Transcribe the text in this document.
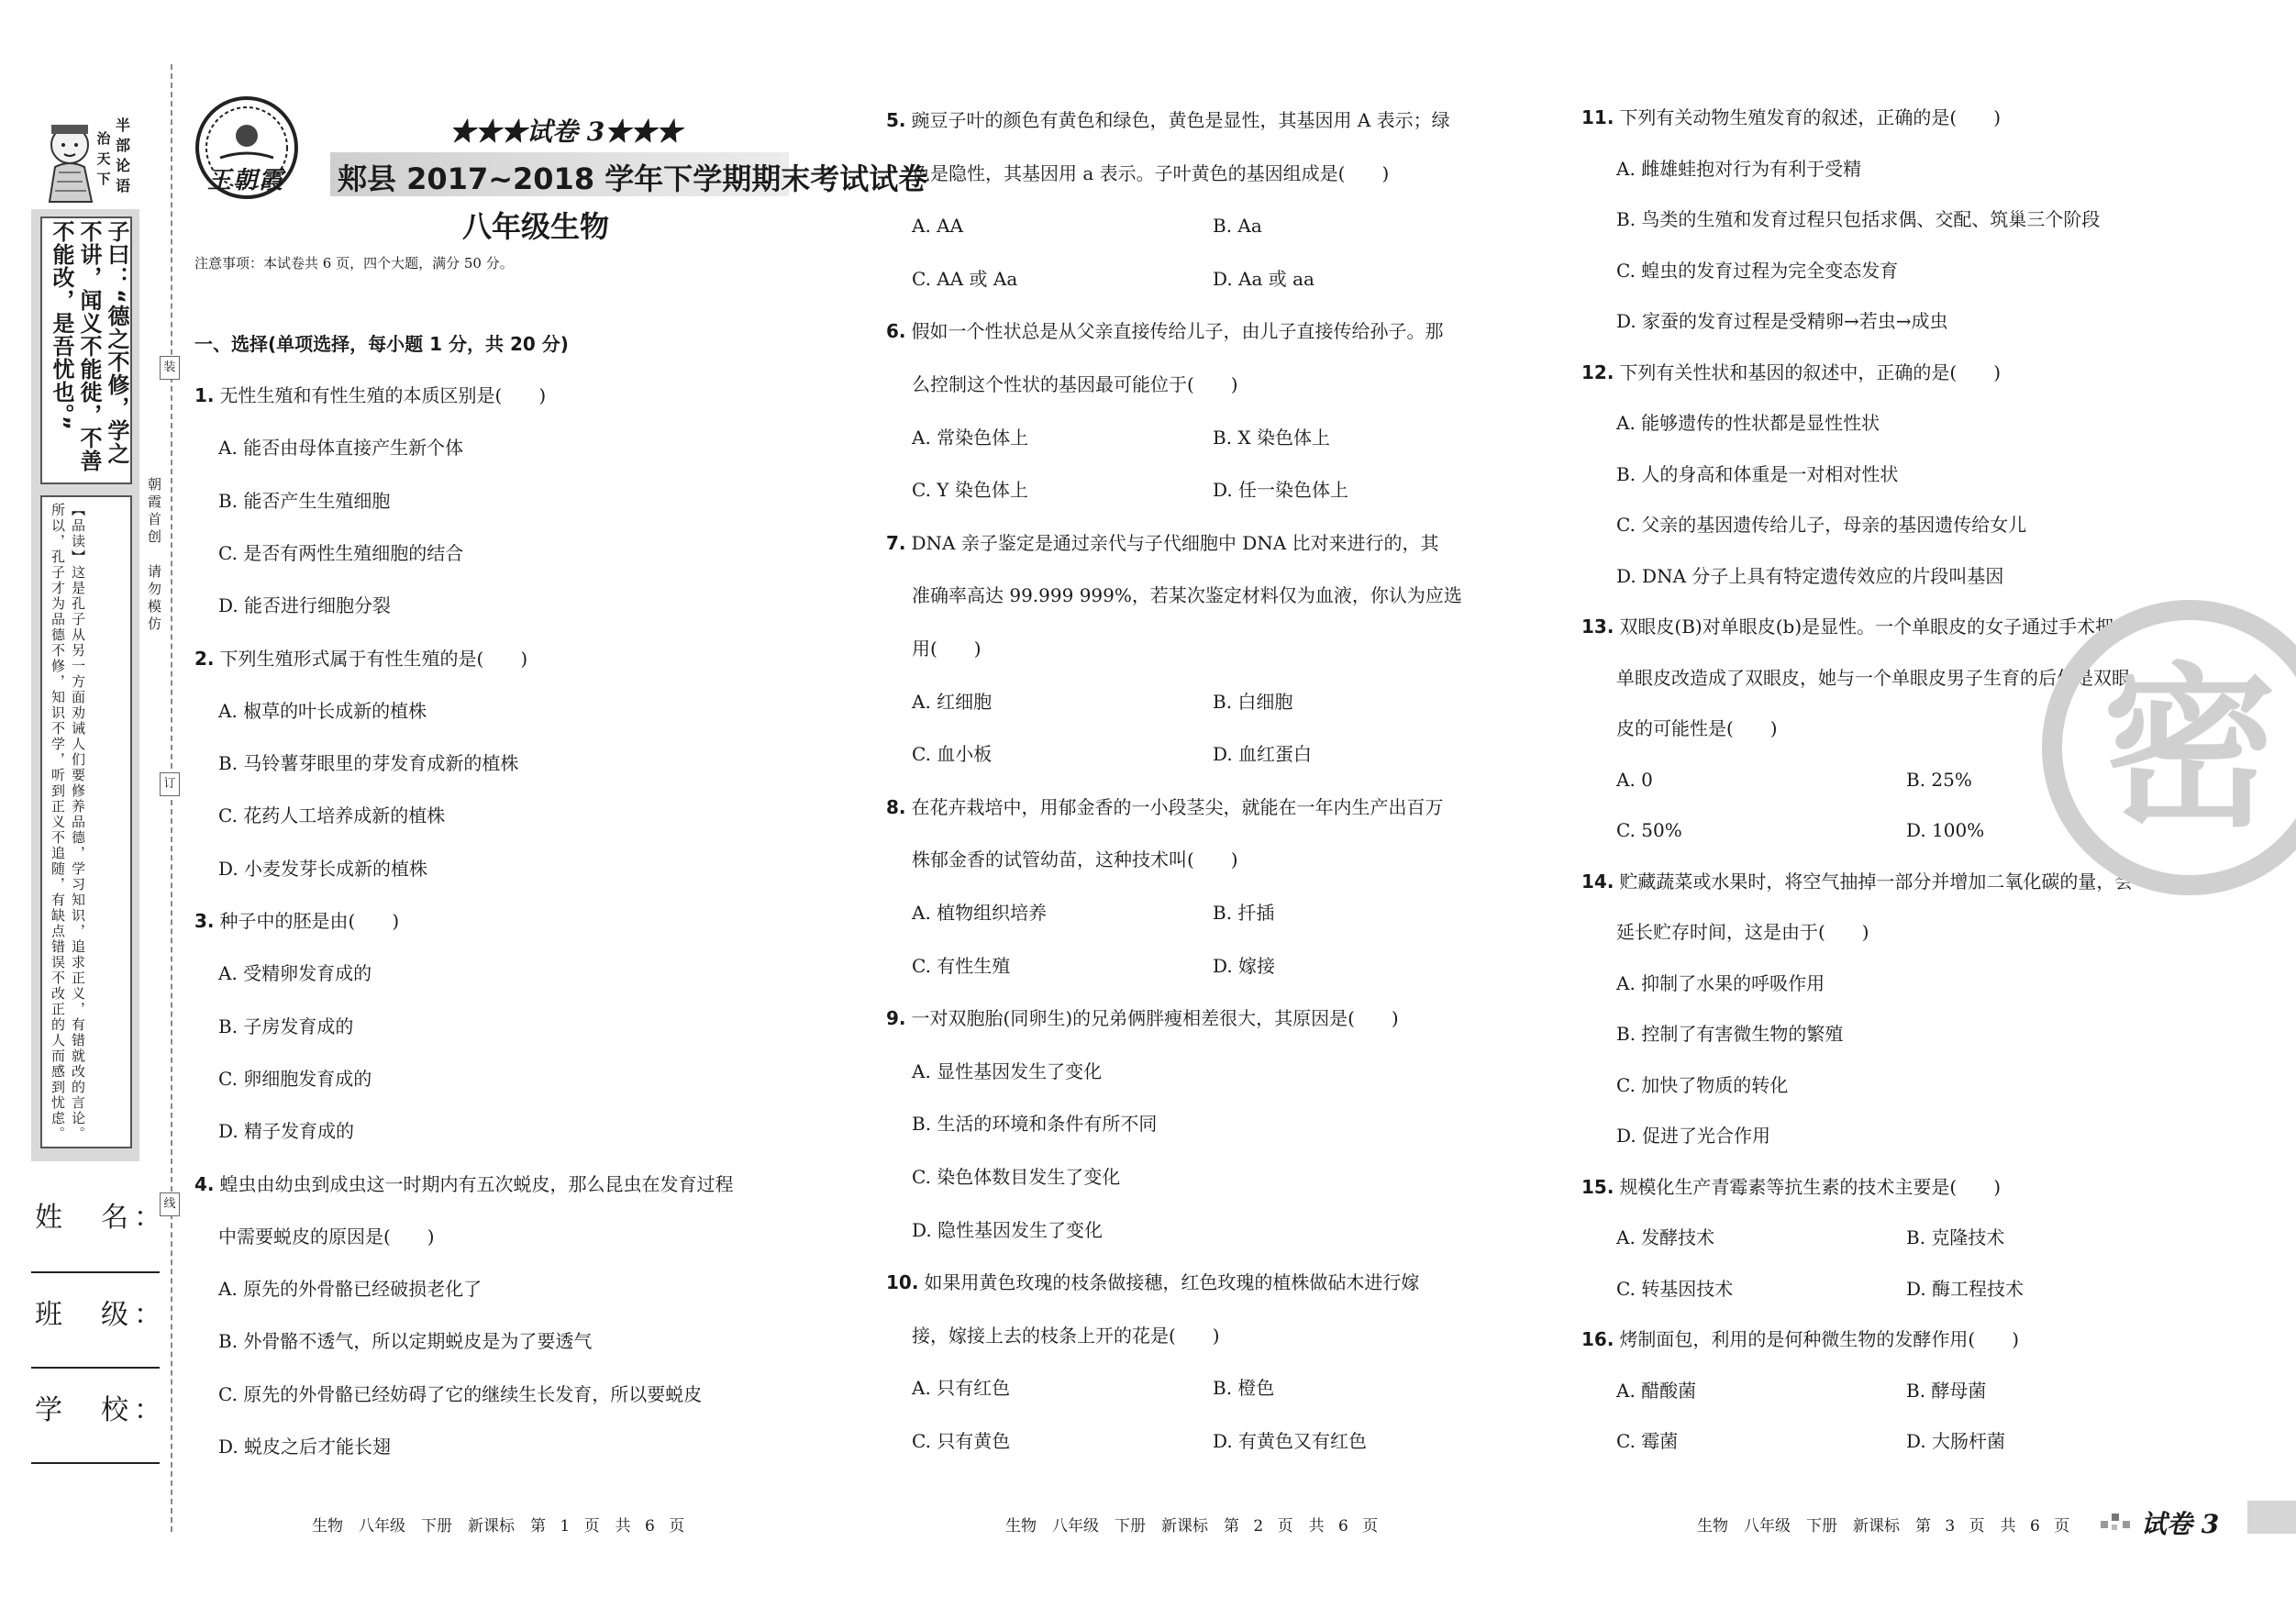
半
部
论
语
治
天
下
子曰：“德之不修，学之不讲，闻义不能徙，不善不能改，是吾忧也。”
【品读】这是孔子从另一方面劝诫人们要修养品德，学习知识，追求正义，有错就改的言论。所以，孔子才为品德不修，知识不学，听到正义不追随，有缺点错误不改正的人而感到忧虑。	朝霞首创　请勿模仿
装
订
线
姓　名：
班　级：
学　校：
王朝霞
★★★试卷 3★★★
郏县 2017~2018 学年下学期期末考试试卷
八年级生物
注意事项：本试卷共 6 页，四个大题，满分 50 分。
一、选择(单项选择，每小题 1 分，共 20 分)
1. 无性生殖和有性生殖的本质区别是(　　)
A. 能否由母体直接产生新个体
B. 能否产生生殖细胞
C. 是否有两性生殖细胞的结合
D. 能否进行细胞分裂
2. 下列生殖形式属于有性生殖的是(　　)
A. 椒草的叶长成新的植株
B. 马铃薯芽眼里的芽发育成新的植株
C. 花药人工培养成新的植株
D. 小麦发芽长成新的植株
3. 种子中的胚是由(　　)
A. 受精卵发育成的
B. 子房发育成的
C. 卵细胞发育成的
D. 精子发育成的
4. 蝗虫由幼虫到成虫这一时期内有五次蜕皮，那么昆虫在发育过程
中需要蜕皮的原因是(　　)
A. 原先的外骨骼已经破损老化了
B. 外骨骼不透气，所以定期蜕皮是为了要透气
C. 原先的外骨骼已经妨碍了它的继续生长发育，所以要蜕皮
D. 蜕皮之后才能长翅
5. 豌豆子叶的颜色有黄色和绿色，黄色是显性，其基因用 A 表示；绿
色是隐性，其基因用 a 表示。子叶黄色的基因组成是(　　)
A. AA	B. Aa
C. AA 或 Aa	D. Aa 或 aa
6. 假如一个性状总是从父亲直接传给儿子，由儿子直接传给孙子。那
么控制这个性状的基因最可能位于(　　)
A. 常染色体上	B. X 染色体上
C. Y 染色体上	D. 任一染色体上
7. DNA 亲子鉴定是通过亲代与子代细胞中 DNA 比对来进行的，其
准确率高达 99.999 999%，若某次鉴定材料仅为血液，你认为应选
用(　　)
A. 红细胞	B. 白细胞
C. 血小板	D. 血红蛋白
8. 在花卉栽培中，用郁金香的一小段茎尖，就能在一年内生产出百万
株郁金香的试管幼苗，这种技术叫(　　)
A. 植物组织培养	B. 扦插
C. 有性生殖	D. 嫁接
9. 一对双胞胎(同卵生)的兄弟俩胖瘦相差很大，其原因是(　　)
A. 显性基因发生了变化
B. 生活的环境和条件有所不同
C. 染色体数目发生了变化
D. 隐性基因发生了变化
10. 如果用黄色玫瑰的枝条做接穗，红色玫瑰的植株做砧木进行嫁
接，嫁接上去的枝条上开的花是(　　)
A. 只有红色	B. 橙色
C. 只有黄色	D. 有黄色又有红色
11. 下列有关动物生殖发育的叙述，正确的是(　　)
A. 雌雄蛙抱对行为有利于受精
B. 鸟类的生殖和发育过程只包括求偶、交配、筑巢三个阶段
C. 蝗虫的发育过程为完全变态发育
D. 家蚕的发育过程是受精卵→若虫→成虫
12. 下列有关性状和基因的叙述中，正确的是(　　)
A. 能够遗传的性状都是显性性状
B. 人的身高和体重是一对相对性状
C. 父亲的基因遗传给儿子，母亲的基因遗传给女儿
D. DNA 分子上具有特定遗传效应的片段叫基因
13. 双眼皮(B)对单眼皮(b)是显性。一个单眼皮的女子通过手术把
单眼皮改造成了双眼皮，她与一个单眼皮男子生育的后代是双眼
皮的可能性是(　　)
A. 0	B. 25%
C. 50%	D. 100%
14. 贮藏蔬菜或水果时，将空气抽掉一部分并增加二氧化碳的量，会
延长贮存时间，这是由于(　　)
A. 抑制了水果的呼吸作用
B. 控制了有害微生物的繁殖
C. 加快了物质的转化
D. 促进了光合作用
15. 规模化生产青霉素等抗生素的技术主要是(　　)
A. 发酵技术	B. 克隆技术
C. 转基因技术	D. 酶工程技术
16. 烤制面包，利用的是何种微生物的发酵作用(　　)
A. 醋酸菌	B. 酵母菌
C. 霉菌	D. 大肠杆菌
生物　八年级　下册　新课标　第 1 页　共 6 页	生物　八年级　下册　新课标　第 2 页　共 6 页	生物　八年级　下册　新课标　第 3 页　共 6 页	试卷 3
密
